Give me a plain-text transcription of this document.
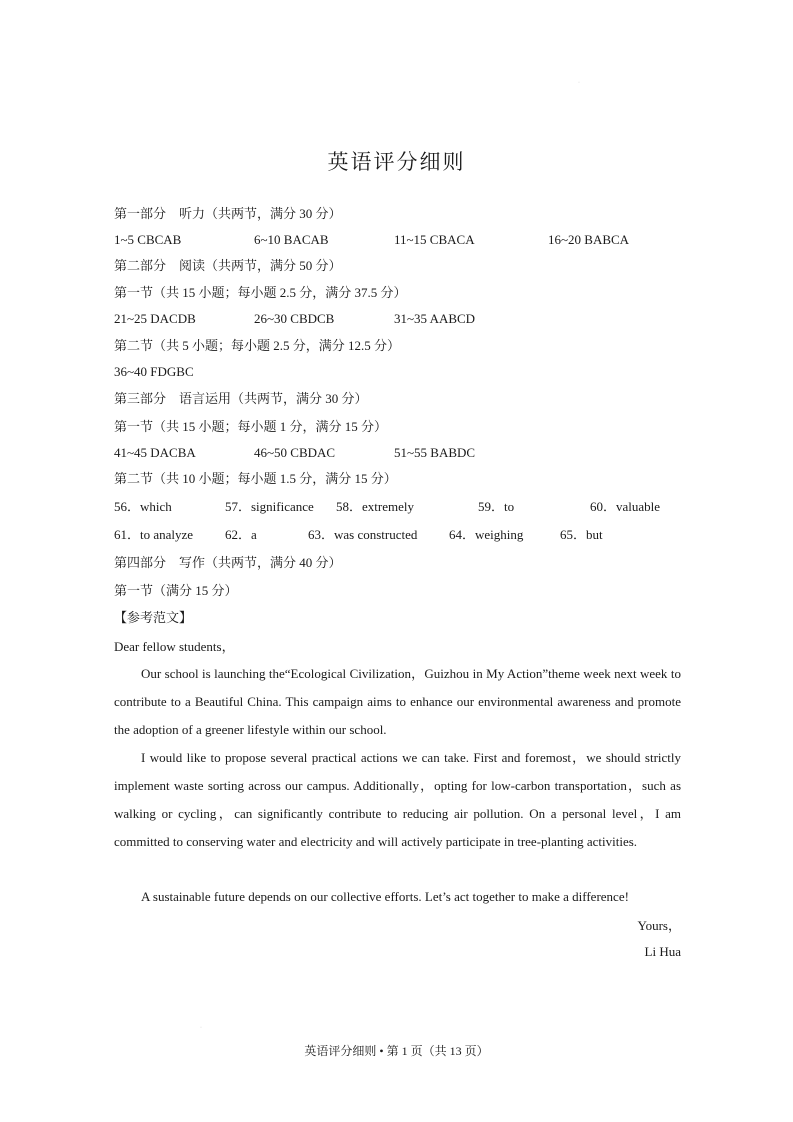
·
英语评分细则
第一部分　听力（共两节，满分 30 分）
1~5 CBCAB	6~10 BACAB	11~15 CBACA	16~20 BABCA
第二部分　阅读（共两节，满分 50 分）
第一节（共 15 小题；每小题 2.5 分，满分 37.5 分）
21~25 DACDB	26~30 CBDCB	31~35 AABCD
第二节（共 5 小题；每小题 2.5 分，满分 12.5 分）
36~40 FDGBC
第三部分　语言运用（共两节，满分 30 分）
第一节（共 15 小题；每小题 1 分，满分 15 分）
41~45 DACBA	46~50 CBDAC	51~55 BABDC
第二节（共 10 小题；每小题 1.5 分，满分 15 分）
56．which	57．significance 58．extremely	59．to	60．valuable
61．to analyze 62．a	63．was constructed 64．weighing	65．but
第四部分　写作（共两节，满分 40 分）
第一节（满分 15 分）
【参考范文】
Dear fellow students，
Our school is launching the“Ecological Civilization，Guizhou in My Action”theme week next week to contribute to a Beautiful China. This campaign aims to enhance our environmental awareness and promote the adoption of a greener lifestyle within our school.
I would like to propose several practical actions we can take. First and foremost，we should strictly implement waste sorting across our campus. Additionally，opting for low-carbon transportation，such as walking or cycling，can significantly contribute to reducing air pollution. On a personal level，I am committed to conserving water and electricity and will actively participate in tree-planting activities.
A sustainable future depends on our collective efforts. Let’s act together to make a difference!
Yours，
Li Hua
·
英语评分细则 • 第 1 页（共 13 页）
